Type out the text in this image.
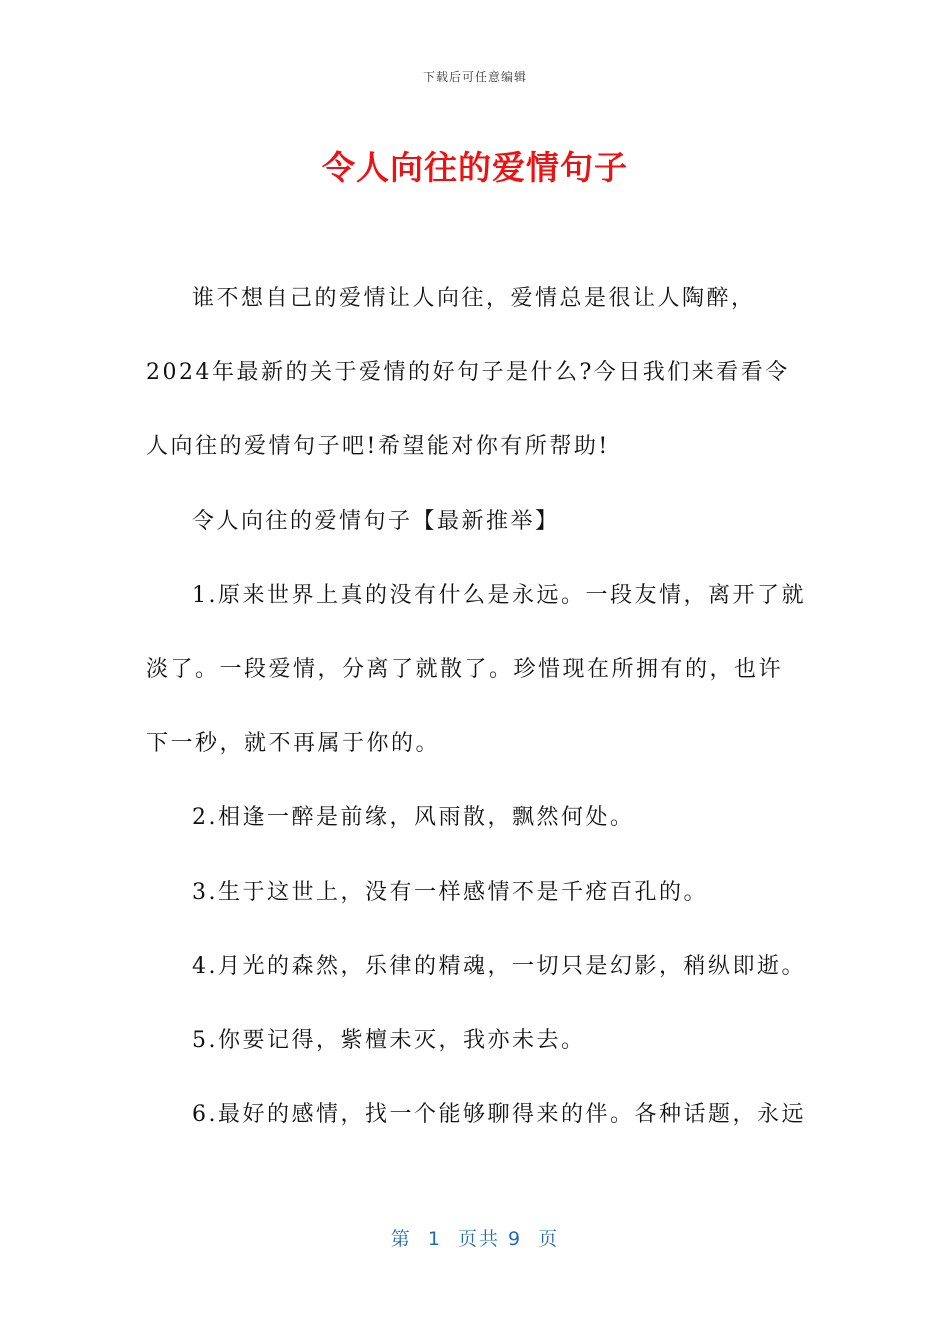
下载后可任意编辑
令人向往的爱情句子

谁不想自己的爱情让人向往，爱情总是很让人陶醉，2024年最新的关于爱情的好句子是什么?今日我们来看看令人向往的爱情句子吧!希望能对你有所帮助!

令人向往的爱情句子【最新推举】

1.原来世界上真的没有什么是永远。一段友情，离开了就淡了。一段爱情，分离了就散了。珍惜现在所拥有的，也许下一秒，就不再属于你的。

2.相逢一醉是前缘，风雨散，飘然何处。

3.生于这世上，没有一样感情不是千疮百孔的。

4.月光的森然，乐律的精魂，一切只是幻影，稍纵即逝。

5.你要记得，紫檀未灭，我亦未去。

6.最好的感情，找一个能够聊得来的伴。各种话题，永远

第  1  页共 9  页
